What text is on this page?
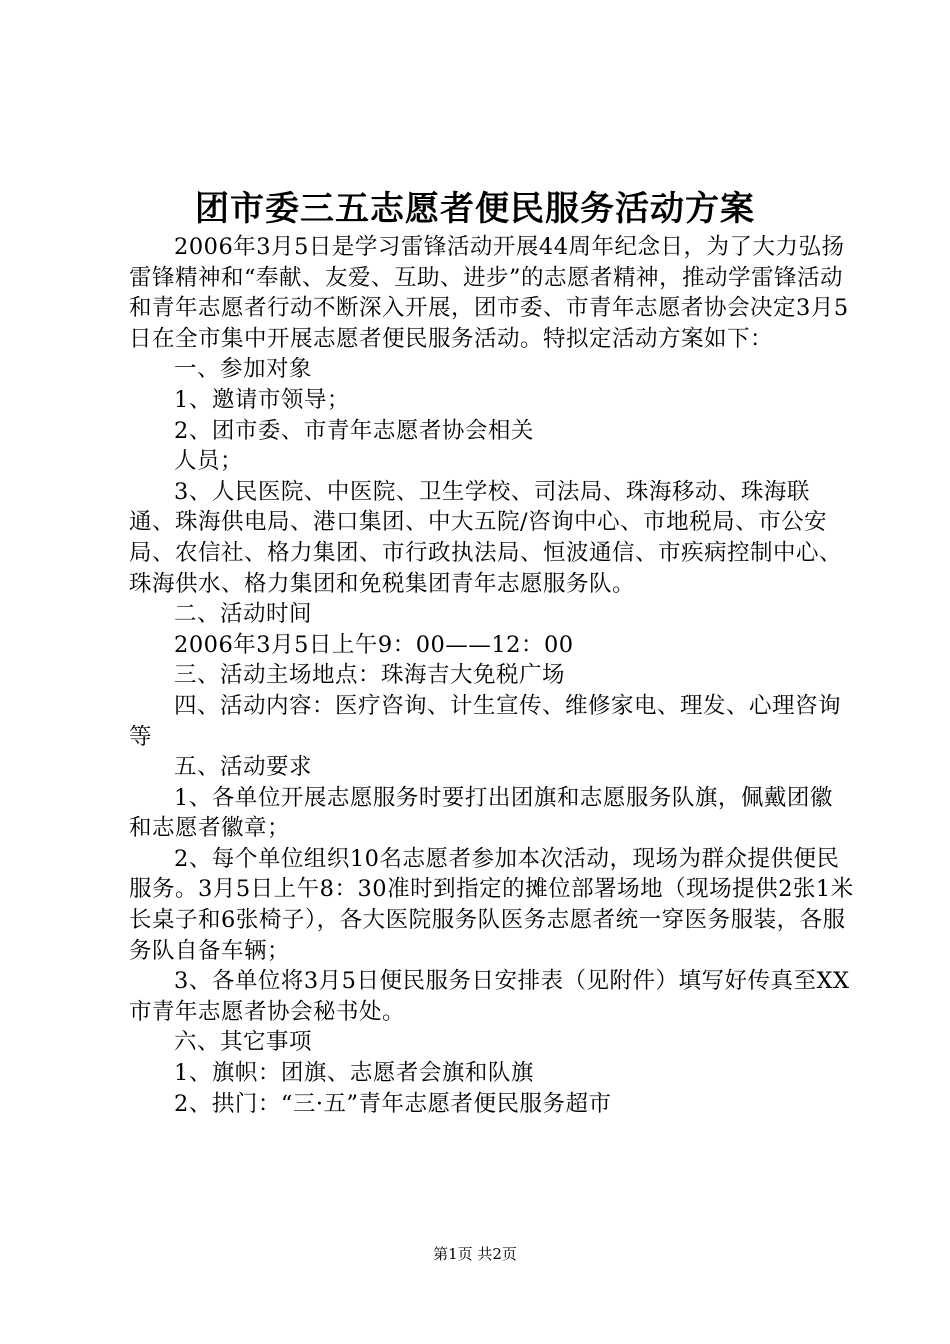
团市委三五志愿者便民服务活动方案

2006年3月5日是学习雷锋活动开展44周年纪念日，为了大力弘扬雷锋精神和“奉献、友爱、互助、进步”的志愿者精神，推动学雷锋活动和青年志愿者行动不断深入开展，团市委、市青年志愿者协会决定3月5日在全市集中开展志愿者便民服务活动。特拟定活动方案如下：

一、参加对象

1、邀请市领导；

2、团市委、市青年志愿者协会相关

人员；

3、人民医院、中医院、卫生学校、司法局、珠海移动、珠海联通、珠海供电局、港口集团、中大五院/咨询中心、市地税局、市公安局、农信社、格力集团、市行政执法局、恒波通信、市疾病控制中心、珠海供水、格力集团和免税集团青年志愿服务队。

二、活动时间

2006年3月5日上午9：00——12：00

三、活动主场地点：珠海吉大免税广场

四、活动内容：医疗咨询、计生宣传、维修家电、理发、心理咨询等

五、活动要求

1、各单位开展志愿服务时要打出团旗和志愿服务队旗，佩戴团徽和志愿者徽章；

2、每个单位组织10名志愿者参加本次活动，现场为群众提供便民服务。3月5日上午8：30准时到指定的摊位部署场地（现场提供2张1米长桌子和6张椅子），各大医院服务队医务志愿者统一穿医务服装，各服务队自备车辆；

3、各单位将3月5日便民服务日安排表（见附件）填写好传真至XX市青年志愿者协会秘书处。

六、其它事项

1、旗帜：团旗、志愿者会旗和队旗

2、拱门：“三·五”青年志愿者便民服务超市

第1页 共2页
